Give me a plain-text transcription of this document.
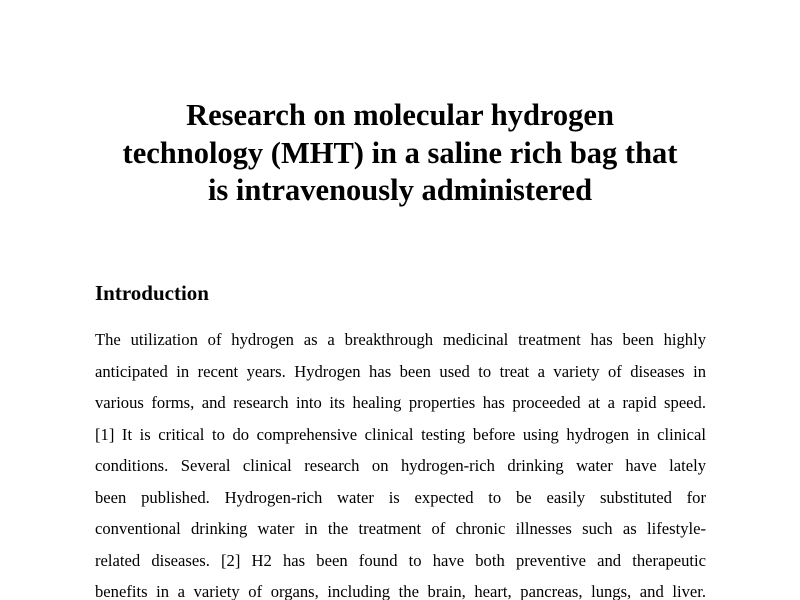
Research on molecular hydrogen
technology (MHT) in a saline rich bag that
is intravenously administered
Introduction
The utilization of hydrogen as a breakthrough medicinal treatment has been highly
anticipated in recent years. Hydrogen has been used to treat a variety of diseases in
various forms, and research into its healing properties has proceeded at a rapid speed.
[1] It is critical to do comprehensive clinical testing before using hydrogen in clinical
conditions. Several clinical research on hydrogen-rich drinking water have lately
been published. Hydrogen-rich water is expected to be easily substituted for
conventional drinking water in the treatment of chronic illnesses such as lifestyle-
related diseases. [2] H2 has been found to have both preventive and therapeutic
benefits in a variety of organs, including the brain, heart, pancreas, lungs, and liver.
